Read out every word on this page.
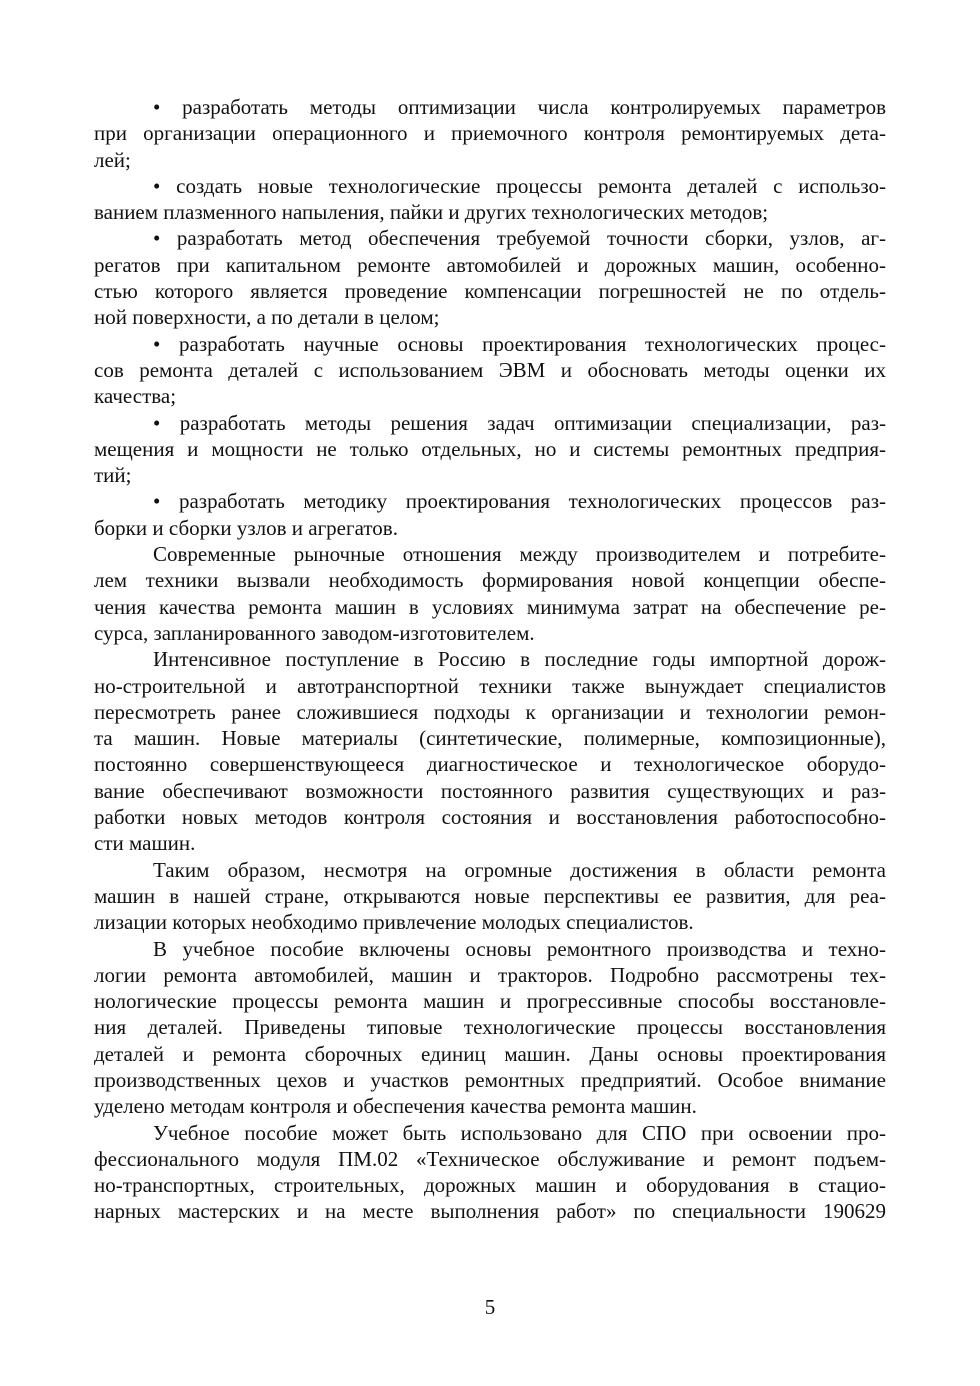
• разработать методы оптимизации числа контролируемых параметров
при организации операционного и приемочного контроля ремонтируемых дета-
лей;
• создать новые технологические процессы ремонта деталей с использо-
ванием плазменного напыления, пайки и других технологических методов;
• разработать метод обеспечения требуемой точности сборки, узлов, аг-
регатов при капитальном ремонте автомобилей и дорожных машин, особенно-
стью которого является проведение компенсации погрешностей не по отдель-
ной поверхности, а по детали в целом;
• разработать научные основы проектирования технологических процес-
сов ремонта деталей с использованием ЭВМ и обосновать методы оценки их
качества;
• разработать методы решения задач оптимизации специализации, раз-
мещения и мощности не только отдельных, но и системы ремонтных предприя-
тий;
• разработать методику проектирования технологических процессов раз-
борки и сборки узлов и агрегатов.
Современные рыночные отношения между производителем и потребите-
лем техники вызвали необходимость формирования новой концепции обеспе-
чения качества ремонта машин в условиях минимума затрат на обеспечение ре-
сурса, запланированного заводом-изготовителем.
Интенсивное поступление в Россию в последние годы импортной дорож-
но-строительной и автотранспортной техники также вынуждает специалистов
пересмотреть ранее сложившиеся подходы к организации и технологии ремон-
та машин. Новые материалы (синтетические, полимерные, композиционные),
постоянно совершенствующееся диагностическое и технологическое оборудо-
вание обеспечивают возможности постоянного развития существующих и раз-
работки новых методов контроля состояния и восстановления работоспособно-
сти машин.
Таким образом, несмотря на огромные достижения в области ремонта
машин в нашей стране, открываются новые перспективы ее развития, для реа-
лизации которых необходимо привлечение молодых специалистов.
В учебное пособие включены основы ремонтного производства и техно-
логии ремонта автомобилей, машин и тракторов. Подробно рассмотрены тех-
нологические процессы ремонта машин и прогрессивные способы восстановле-
ния деталей. Приведены типовые технологические процессы восстановления
деталей и ремонта сборочных единиц машин. Даны основы проектирования
производственных цехов и участков ремонтных предприятий. Особое внимание
уделено методам контроля и обеспечения качества ремонта машин.
Учебное пособие может быть использовано для СПО при освоении про-
фессионального модуля ПМ.02 «Техническое обслуживание и ремонт подъем-
но-транспортных, строительных, дорожных машин и оборудования в стацио-
нарных мастерских и на месте выполнения работ» по специальности 190629
5
